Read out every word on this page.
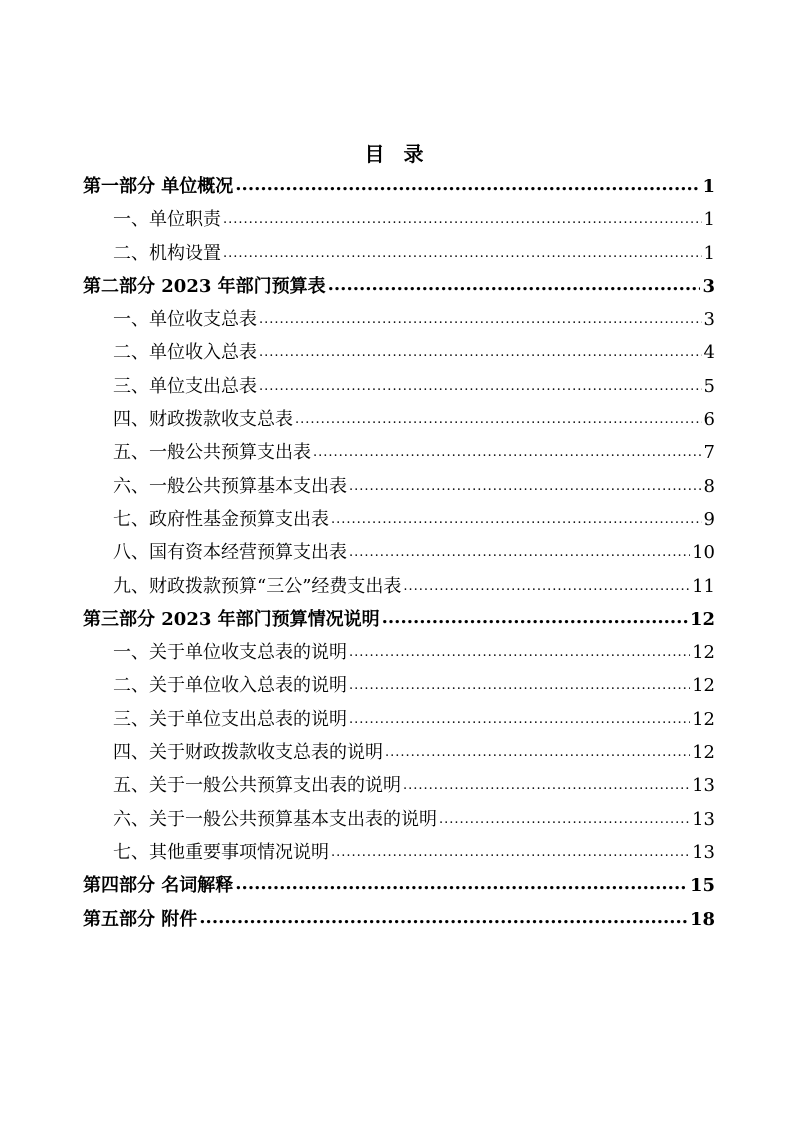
目 录
第一部分 单位概况 .....	1
一、单位职责 .....	1
二、机构设置 .....	1
第二部分 2023 年部门预算表 .....	3
一、单位收支总表 .....	3
二、单位收入总表 .....	4
三、单位支出总表 .....	5
四、财政拨款收支总表 .....	6
五、一般公共预算支出表 .....	7
六、一般公共预算基本支出表 .....	8
七、政府性基金预算支出表 .....	9
八、国有资本经营预算支出表 .....	10
九、财政拨款预算“三公”经费支出表 .....	11
第三部分 2023 年部门预算情况说明 .....	12
一、关于单位收支总表的说明 .....	12
二、关于单位收入总表的说明 .....	12
三、关于单位支出总表的说明 .....	12
四、关于财政拨款收支总表的说明 .....	12
五、关于一般公共预算支出表的说明 .....	13
六、关于一般公共预算基本支出表的说明 .....	13
七、其他重要事项情况说明 .....	13
第四部分 名词解释 .....	15
第五部分 附件 .....	18
